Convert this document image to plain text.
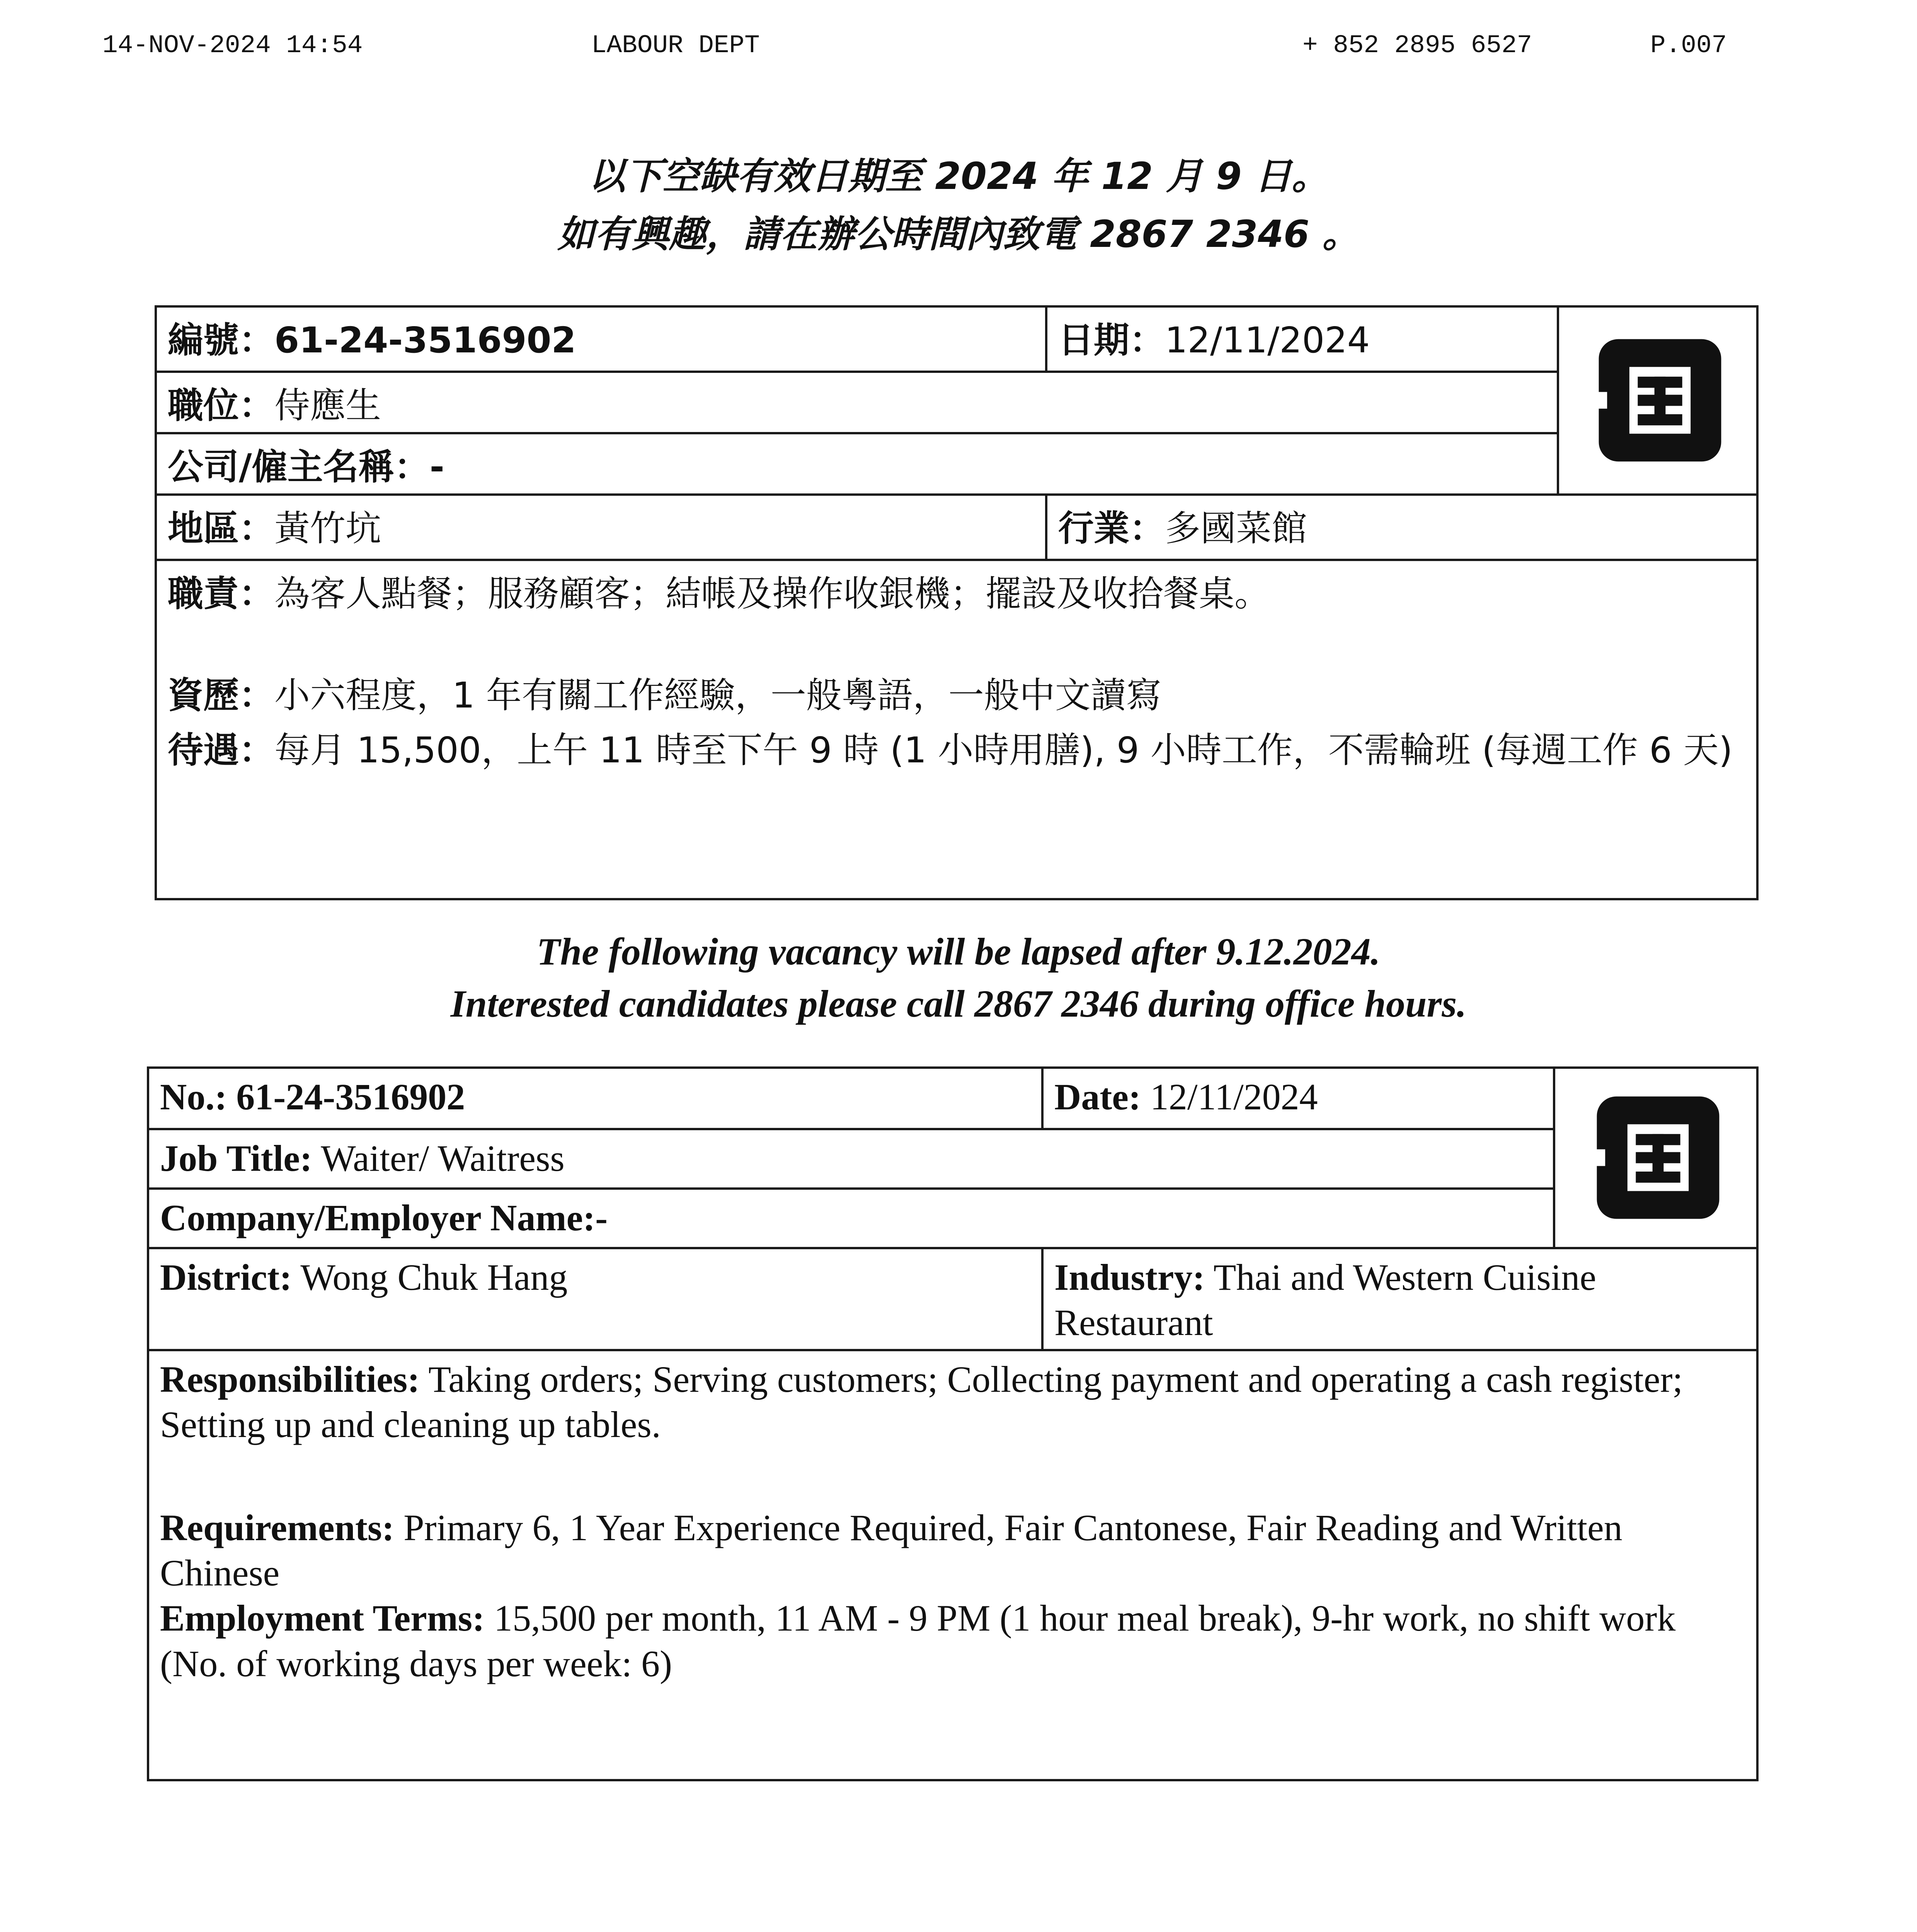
14-NOV-2024 14:54	LABOUR DEPT	+ 852 2895 6527	P.007
以下空缺有效日期至 2024 年 12 月 9 日。
如有興趣，請在辦公時間內致電 2867 2346 。
編號：61-24-3516902	日期：12/11/2024
職位：侍應生
公司/僱主名稱：-
地區：黃竹坑	行業：多國菜館
職責：為客人點餐；服務顧客；結帳及操作收銀機；擺設及收拾餐桌。
資歷：小六程度，1 年有關工作經驗，一般粵語，一般中文讀寫
待遇：每月 15,500，上午 11 時至下午 9 時 (1 小時用膳), 9 小時工作，不需輪班 (每週工作 6 天)
The following vacancy will be lapsed after 9.12.2024.
Interested candidates please call 2867 2346 during office hours.
No.: 61-24-3516902	Date: 12/11/2024
Job Title: Waiter/ Waitress
Company/Employer Name:-
District: Wong Chuk Hang	Industry: Thai and Western Cuisine Restaurant
Responsibilities: Taking orders; Serving customers; Collecting payment and operating a cash register; Setting up and cleaning up tables.
Requirements: Primary 6, 1 Year Experience Required, Fair Cantonese, Fair Reading and Written Chinese
Employment Terms: 15,500 per month, 11 AM - 9 PM (1 hour meal break), 9-hr work, no shift work (No. of working days per week: 6)
